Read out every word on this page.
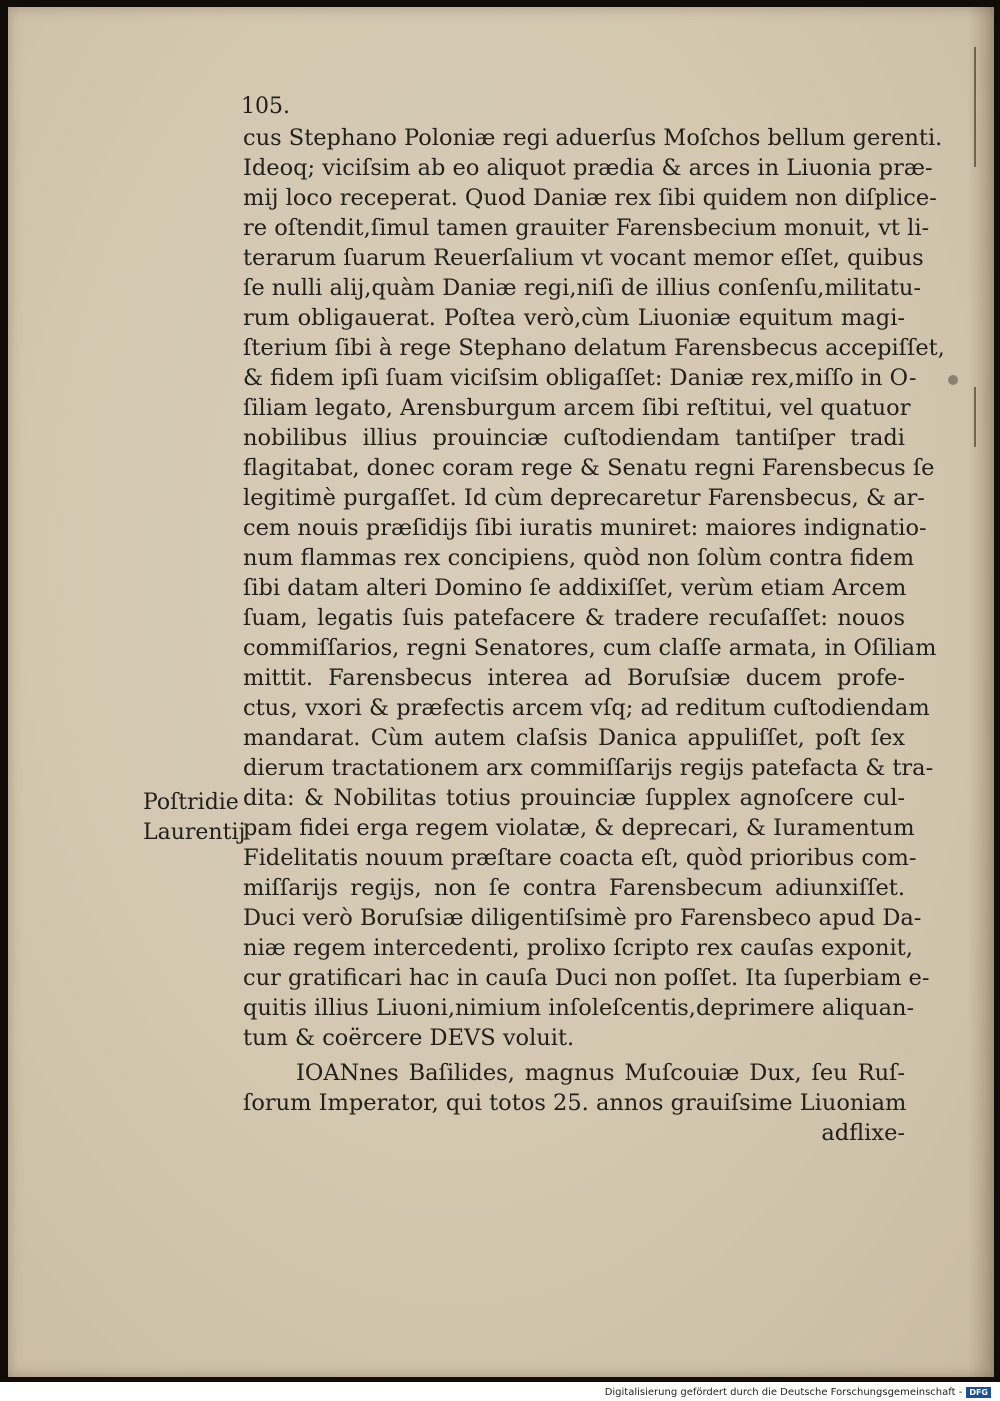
105.
cus Stephano Poloniæ regi aduerſus Moſchos bellum gerenti.
Ideoq; viciſsim ab eo aliquot prædia & arces in Liuonia præ-
mij loco receperat. Quod Daniæ rex ſibi quidem non diſplice-
re oſtendit,ſimul tamen grauiter Farensbecium monuit, vt li-
terarum ſuarum Reuerſalium vt vocant memor eſſet, quibus
ſe nulli alij,quàm Daniæ regi,niſi de illius conſenſu,militatu-
rum obligauerat. Poſtea verò,cùm Liuoniæ equitum magi-
ſterium ſibi à rege Stephano delatum Farensbecus accepiſſet,
& fidem ipſi ſuam viciſsim obligaſſet: Daniæ rex,miſſo in O-
ſiliam legato, Arensburgum arcem ſibi reſtitui, vel quatuor
nobilibus illius prouinciæ cuſtodiendam tantiſper tradi
flagitabat, donec coram rege & Senatu regni Farensbecus ſe
legitimè purgaſſet. Id cùm deprecaretur Farensbecus, & ar-
cem nouis præſidijs ſibi iuratis muniret: maiores indignatio-
num flammas rex concipiens, quòd non ſolùm contra fidem
ſibi datam alteri Domino ſe addixiſſet, verùm etiam Arcem
ſuam, legatis ſuis patefacere & tradere recuſaſſet: nouos
commiſſarios, regni Senatores, cum claſſe armata, in Oſiliam
mittit. Farensbecus interea ad Boruſsiæ ducem profe-
ctus, vxori & præfectis arcem vſq; ad reditum cuſtodiendam
mandarat. Cùm autem claſsis Danica appuliſſet, poſt ſex
dierum tractationem arx commiſſarijs regijs patefacta & tra-
dita: & Nobilitas totius prouinciæ ſupplex agnoſcere cul-
pam fidei erga regem violatæ, & deprecari, & Iuramentum
Fidelitatis nouum præſtare coacta eſt, quòd prioribus com-
miſſarijs regijs, non ſe contra Farensbecum adiunxiſſet.
Duci verò Boruſsiæ diligentiſsimè pro Farensbeco apud Da-
niæ regem intercedenti, prolixo ſcripto rex cauſas exponit,
cur gratificari hac in cauſa Duci non poſſet. Ita ſuperbiam e-
quitis illius Liuoni,nimium inſoleſcentis,deprimere aliquan-
tum & coërcere DEVS voluit.
IOANnes Baſilides, magnus Muſcouiæ Dux, ſeu Ruſ-
ſorum Imperator, qui totos 25. annos grauiſsime Liuoniam
adflixe-
Poſtridie
Laurentij
Digitalisierung gefördert durch die Deutsche Forschungsgemeinschaft - DFG
